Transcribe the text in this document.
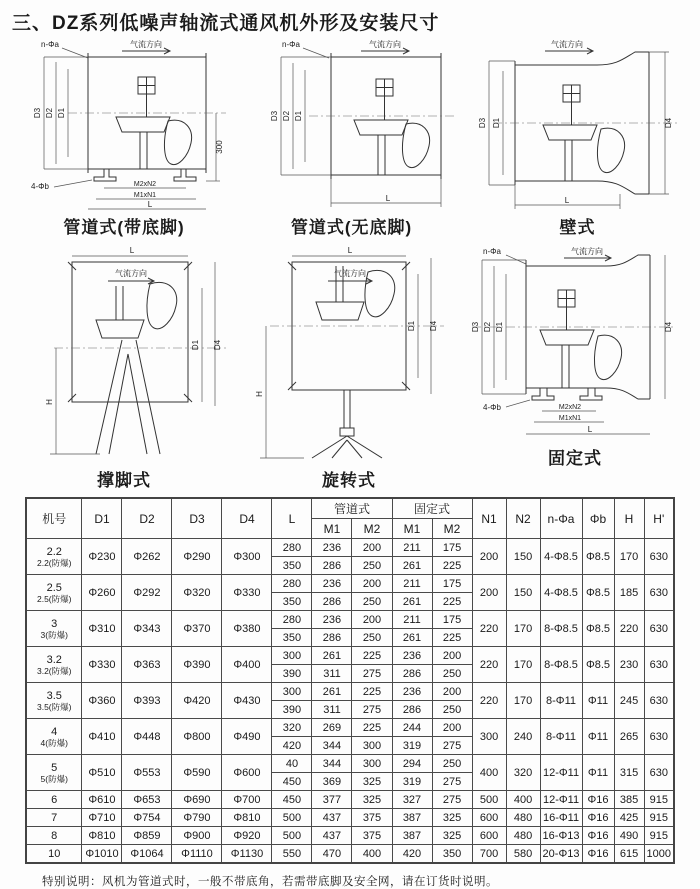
三、DZ系列低噪声轴流式通风机外形及安装尺寸
n-Φa	气流方向
D3 D2 D1
300
4-Φb	M2xN2
M1xN1
L
管道式(带底脚)
n-Φa	气流方向
D3 D2 D1
L
管道式(无底脚)
气流方向
D3 D1	D4
L
壁式
L
气流方向
D1 D4
H
撑脚式
L
气流方向
D1 D4
H
旋转式
n-Φa	气流方向
D3 D2 D1	D4
4-Φb	M2xN2
M1xN1
L
固定式
机号	D1	D2	D3	D4	L	管道式		固定式		N1	N2	n-Φa	Φb	H	H'
						M1	M2	M1	M2						

2.2
2.2(防爆)	Φ230	Φ262	Φ290	Φ300	280	236	200	211	175	200	150	4-Φ8.5	Φ8.5	170	630
					350	286	250	261	225						

2.5
2.5(防爆)	Φ260	Φ292	Φ320	Φ330	280	236	200	211	175	200	150	4-Φ8.5	Φ8.5	185	630
					350	286	250	261	225						

3
3(防爆)	Φ310	Φ343	Φ370	Φ380	280	236	200	211	175	220	170	8-Φ8.5	Φ8.5	220	630
					350	286	250	261	225						

3.2
3.2(防爆)	Φ330	Φ363	Φ390	Φ400	300	261	225	236	200	220	170	8-Φ8.5	Φ8.5	230	630
					390	311	275	286	250						

3.5
3.5(防爆)	Φ360	Φ393	Φ420	Φ430	300	261	225	236	200	220	170	8-Φ11	Φ11	245	630
					390	311	275	286	250						

4
4(防爆)	Φ410	Φ448	Φ800	Φ490	320	269	225	244	200	300	240	8-Φ11	Φ11	265	630
					420	344	300	319	275						

5
5(防爆)	Φ510	Φ553	Φ590	Φ600	40	344	300	294	250	400	320	12-Φ11	Φ11	315	630
					450	369	325	319	275						

6	Φ610	Φ653	Φ690	Φ700	450	377	325	327	275	500	400	12-Φ11	Φ16	385	915

7	Φ710	Φ754	Φ790	Φ810	500	437	375	387	325	600	480	16-Φ11	Φ16	425	915

8	Φ810	Φ859	Φ900	Φ920	500	437	375	387	325	600	480	16-Φ13	Φ16	490	915

10	Φ1010	Φ1064	Φ1110	Φ1130	550	470	400	420	350	700	580	20-Φ13	Φ16	615	1000
特别说明：风机为管道式时，一般不带底角，若需带底脚及安全网，请在订货时说明。
